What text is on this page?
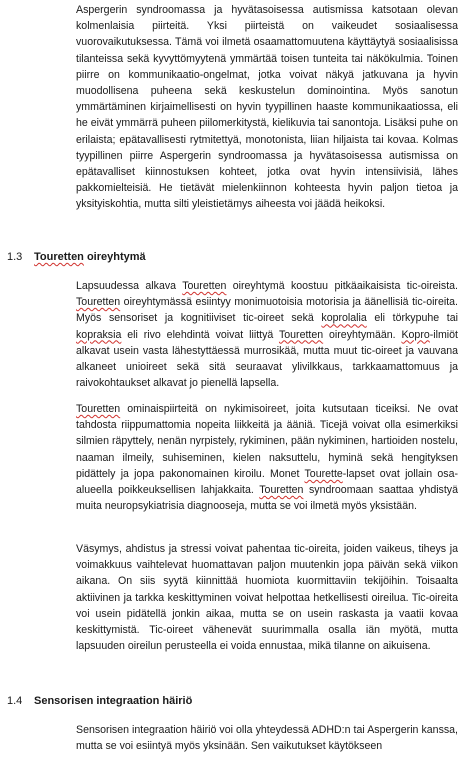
Aspergerin syndroomassa ja hyvätasoisessa autismissa katsotaan olevan kolmenlaisia piirteitä. Yksi piirteistä on vaikeudet sosiaalisessa vuorovaikutuksessa. Tämä voi ilmetä osaamattomuutena käyttäytyä sosiaalisissa tilanteissa sekä kyvyttömyytenä ymmärtää toisen tunteita tai näkökulmia. Toinen piirre on kommunikaatio-ongelmat, jotka voivat näkyä jatkuvana ja hyvin muodollisena puheena sekä keskustelun dominointina. Myös sanotun ymmärtäminen kirjaimellisesti on hyvin tyypillinen haaste kommunikaatiossa, eli he eivät ymmärrä puheen piilomerkitystä, kielikuvia tai sanontoja. Lisäksi puhe on erilaista; epätavallisesti rytmitettyä, monotonista, liian hiljaista tai kovaa. Kolmas tyypillinen piirre Aspergerin syndroomassa ja hyvätasoisessa autismissa on epätavalliset kiinnostuksen kohteet, jotka ovat hyvin intensiivisiä, lähes pakkomielteisiä. He tietävät mielenkiinnon kohteesta hyvin paljon tietoa ja yksityiskohtia, mutta silti yleistietämys aiheesta voi jäädä heikoksi.

1.3 Touretten oireyhtymä

Lapsuudessa alkava Touretten oireyhtymä koostuu pitkäaikaisista tic-oireista. Touretten oireyhtymässä esiintyy monimuotoisia motorisia ja äänellisiä tic-oireita. Myös sensoriset ja kognitiiviset tic-oireet sekä koprolalia eli törkypuhe tai kopraksia eli rivo elehdintä voivat liittyä Touretten oireyhtymään. Kopro-ilmiöt alkavat usein vasta lähestyttäessä murrosikää, mutta muut tic-oireet ja vauvana alkaneet unioireet sekä sitä seuraavat ylivilkkaus, tarkkaamattomuus ja raivokohtaukset alkavat jo pienellä lapsella.

Touretten ominaispiirteitä on nykimisoireet, joita kutsutaan ticeiksi. Ne ovat tahdosta riippumattomia nopeita liikkeitä ja ääniä. Ticejä voivat olla esimerkiksi silmien räpyttely, nenän nyrpistely, rykiminen, pään nykiminen, hartioiden nostelu, naaman ilmeily, suhiseminen, kielen naksuttelu, hyminä sekä hengityksen pidättely ja jopa pakonomainen kiroilu. Monet Tourette-lapset ovat jollain osa-alueella poikkeuksellisen lahjakkaita. Touretten syndroomaan saattaa yhdistyä muita neuropsykiatrisia diagnooseja, mutta se voi ilmetä myös yksistään.

Väsymys, ahdistus ja stressi voivat pahentaa tic-oireita, joiden vaikeus, tiheys ja voimakkuus vaihtelevat huomattavan paljon muutenkin jopa päivän sekä viikon aikana. On siis syytä kiinnittää huomiota kuormittaviin tekijöihin. Toisaalta aktiivinen ja tarkka keskittyminen voivat helpottaa hetkellisesti oireilua. Tic-oireita voi usein pidätellä jonkin aikaa, mutta se on usein raskasta ja vaatii kovaa keskittymistä. Tic-oireet vähenevät suurimmalla osalla iän myötä, mutta lapsuuden oireilun perusteella ei voida ennustaa, mikä tilanne on aikuisena.

1.4 Sensorisen integraation häiriö

Sensorisen integraation häiriö voi olla yhteydessä ADHD:n tai Aspergerin kanssa, mutta se voi esiintyä myös yksinään. Sen vaikutukset käytökseen
